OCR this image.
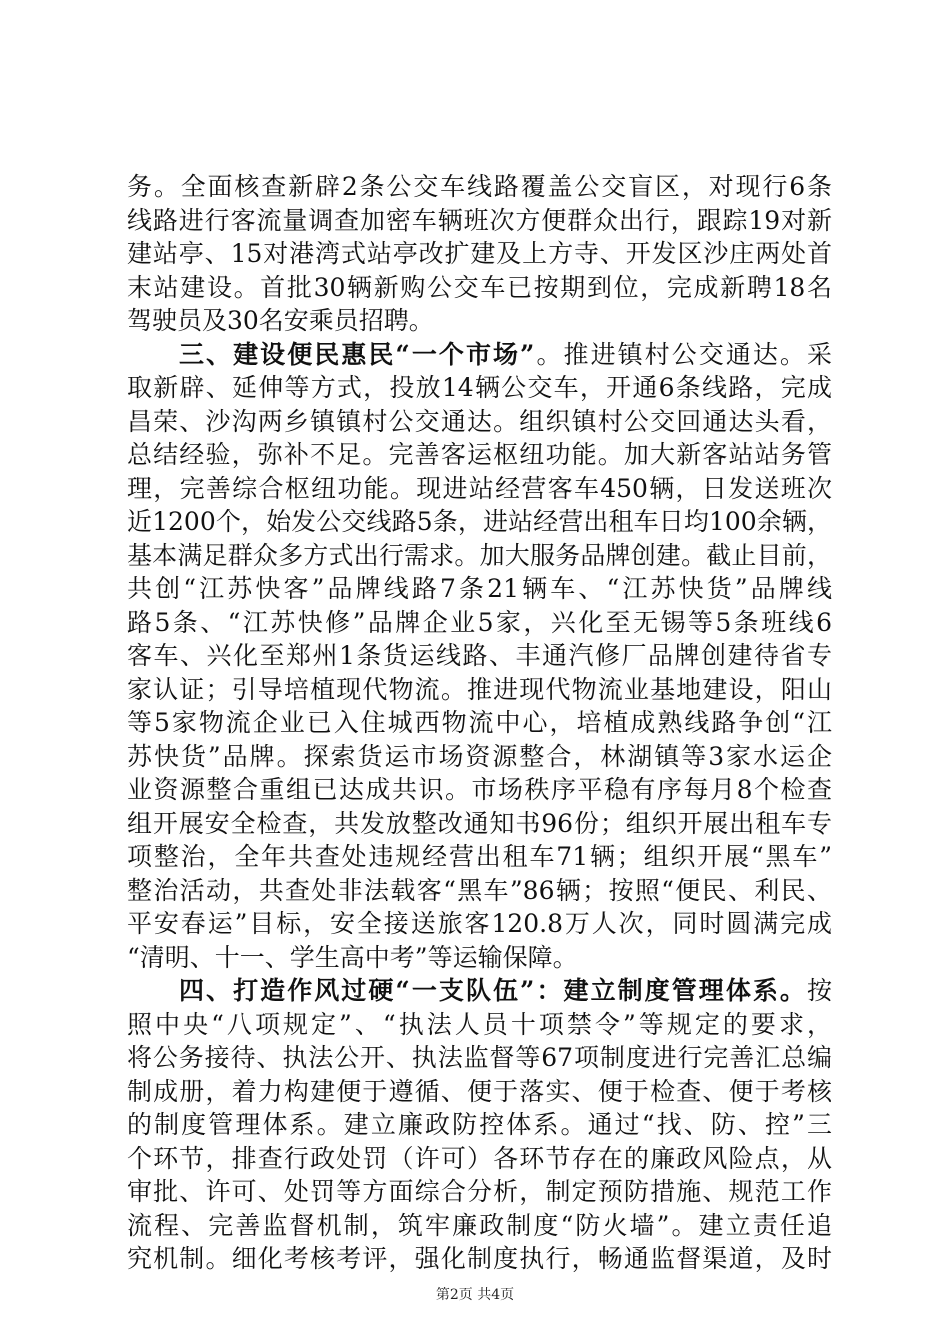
务。全面核查新辟2条公交车线路覆盖公交盲区，对现行6条
线路进行客流量调查加密车辆班次方便群众出行，跟踪19对新
建站亭、15对港湾式站亭改扩建及上方寺、开发区沙庄两处首
末站建设。首批30辆新购公交车已按期到位，完成新聘18名
驾驶员及30名安乘员招聘。
三、建设便民惠民“一个市场”。推进镇村公交通达。采
取新辟、延伸等方式，投放14辆公交车，开通6条线路，完成
昌荣、沙沟两乡镇镇村公交通达。组织镇村公交回通达头看，
总结经验，弥补不足。完善客运枢纽功能。加大新客站站务管
理，完善综合枢纽功能。现进站经营客车450辆，日发送班次
近1200个，始发公交线路5条，进站经营出租车日均100余辆，
基本满足群众多方式出行需求。加大服务品牌创建。截止目前，
共创“江苏快客”品牌线路7条21辆车、“江苏快货”品牌线
路5条、“江苏快修”品牌企业5家，兴化至无锡等5条班线6
客车、兴化至郑州1条货运线路、丰通汽修厂品牌创建待省专
家认证；引导培植现代物流。推进现代物流业基地建设，阳山
等5家物流企业已入住城西物流中心，培植成熟线路争创“江
苏快货”品牌。探索货运市场资源整合，林湖镇等3家水运企
业资源整合重组已达成共识。市场秩序平稳有序每月8个检查
组开展安全检查，共发放整改通知书96份；组织开展出租车专
项整治，全年共查处违规经营出租车71辆；组织开展“黑车”
整治活动，共查处非法载客“黑车”86辆；按照“便民、利民、
平安春运”目标，安全接送旅客120.8万人次，同时圆满完成
“清明、十一、学生高中考”等运输保障。
四、打造作风过硬“一支队伍”：建立制度管理体系。按
照中央“八项规定”、“执法人员十项禁令”等规定的要求，
将公务接待、执法公开、执法监督等67项制度进行完善汇总编
制成册，着力构建便于遵循、便于落实、便于检查、便于考核
的制度管理体系。建立廉政防控体系。通过“找、防、控”三
个环节，排查行政处罚（许可）各环节存在的廉政风险点，从
审批、许可、处罚等方面综合分析，制定预防措施、规范工作
流程、完善监督机制，筑牢廉政制度“防火墙”。建立责任追
究机制。细化考核考评，强化制度执行，畅通监督渠道，及时
第2页 共4页
